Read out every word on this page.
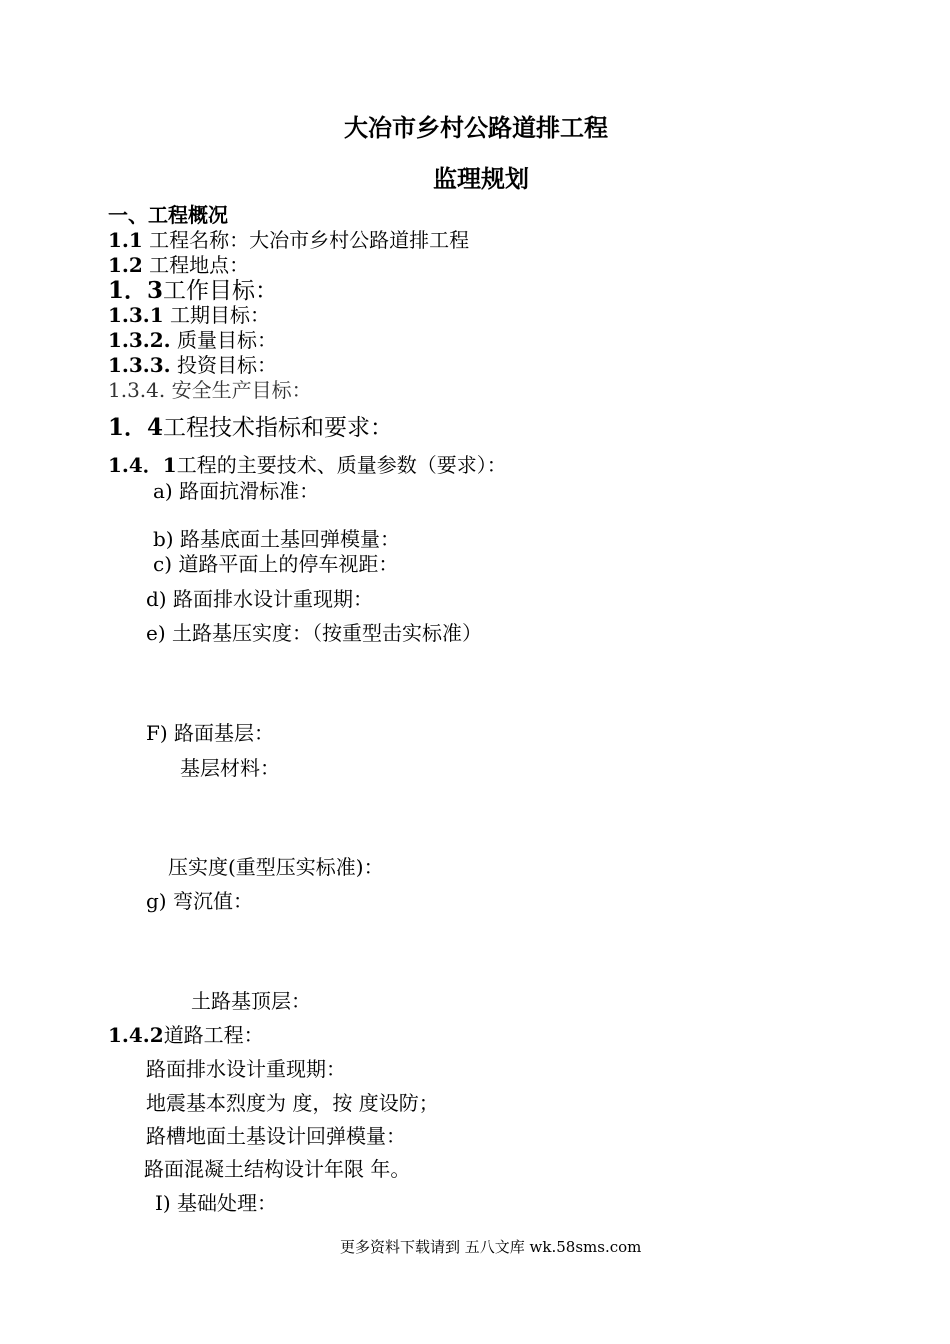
大冶市乡村公路道排工程
监理规划
一、工程概况
1.1 工程名称：大冶市乡村公路道排工程
1.2 工程地点：
1．3工作目标：
1.3.1 工期目标：
1.3.2. 质量目标：
1.3.3. 投资目标：
1.3.4. 安全生产目标：
1．4工程技术指标和要求：
1.4．1工程的主要技术、质量参数（要求）：
a) 路面抗滑标准：
b) 路基底面土基回弹模量：
c) 道路平面上的停车视距：
d) 路面排水设计重现期：
e) 土路基压实度：（按重型击实标准）
F) 路面基层：
基层材料：
压实度(重型压实标准)：
g) 弯沉值：
土路基顶层：
1.4.2道路工程：
路面排水设计重现期：
地震基本烈度为 度，按 度设防；
路槽地面土基设计回弹模量：
路面混凝土结构设计年限 年。
I) 基础处理：
更多资料下载请到 五八文库 wk.58sms.com
